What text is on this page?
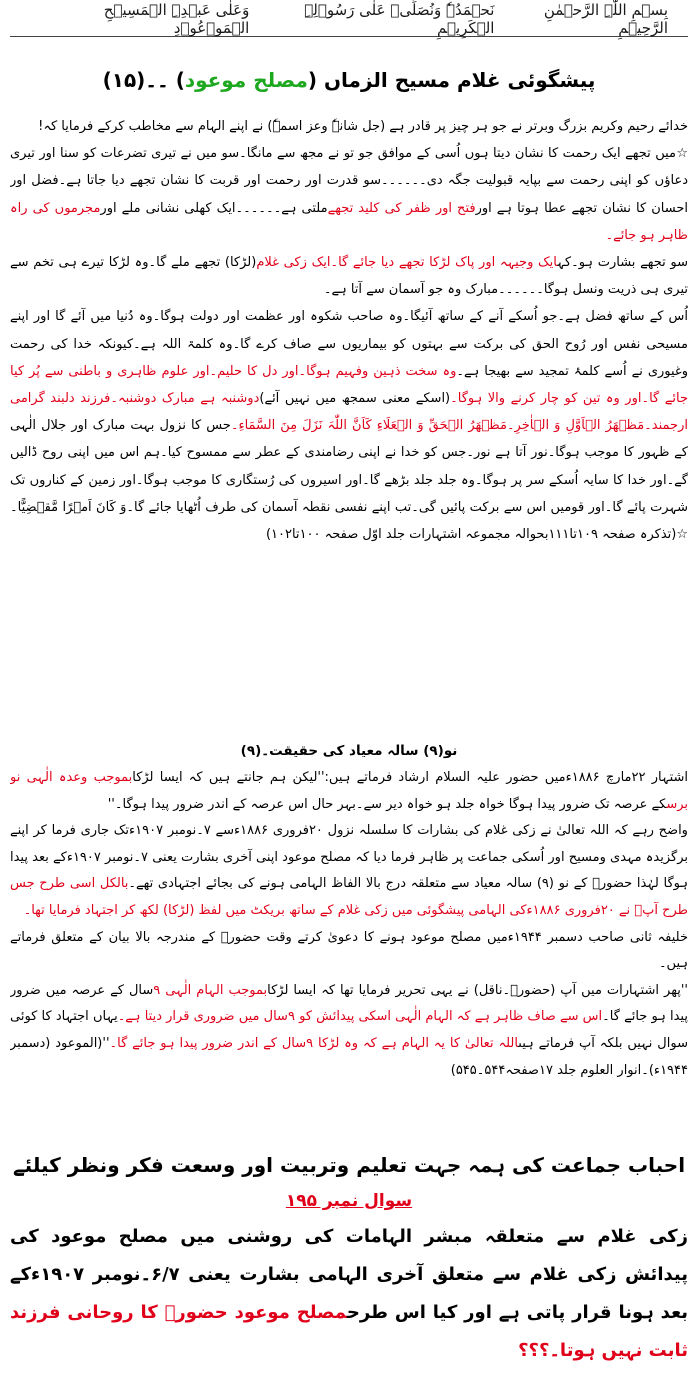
بِسۡمِ اللّٰہِ الرَّحۡمٰنِ الرَّحِیۡمِ
نَحۡمَدُہٗ وَنُصَلِّیۡ عَلٰی رَسُوۡلِہِ الۡکَرِیۡمِ
وَعَلٰی عَبۡدِہِ الۡمَسِیۡحِ الۡمَوۡعُوۡدِ
پیشگوئی غلام مسیح الزماں (مصلح موعود) ۔۔(۱۵)

خدائے رحیم وکریم بزرگ وبرتر نے جو ہر چیز پر قادر ہے (جل شانہٗ وعز اسمہٗ) نے اپنے الہام سے مخاطب کرکے فرمایا کہ!

☆میں تجھے ایک رحمت کا نشان دیتا ہوں اُسی کے موافق جو تو نے مجھ سے مانگا۔سو میں نے تیری تضرعات کو سنا اور تیری دعاؤں کو اپنی رحمت سے بپایہ قبولیت جگہ دی۔۔۔۔۔۔سو قدرت اور رحمت اور قربت کا نشان تجھے دیا جاتا ہے۔فضل اور احسان کا نشان تجھے عطا ہوتا ہے اورفتح اور ظفر کی کلید تجھےملتی ہے۔۔۔۔۔۔ایک کھلی نشانی ملے اورمجرموں کی راہ ظاہر ہو جائے۔

سو تجھے بشارت ہو۔کہایک وجیہہ اور پاک لڑکا تجھے دیا جائے گا۔ایک زکی غلام(لڑکا) تجھے ملے گا۔وہ لڑکا تیرے ہی تخم سے تیری ہی ذریت ونسل ہوگا۔۔۔۔۔۔مبارک وہ جو آسمان سے آتا ہے۔

اُس کے ساتھ فضل ہے۔جو اُسکے آنے کے ساتھ آئیگا۔وہ صاحب شکوہ اور عظمت اور دولت ہوگا۔وہ دُنیا میں آئے گا اور اپنے مسیحی نفس اور رُوح الحق کی برکت سے بہتوں کو بیماریوں سے صاف کرے گا۔وہ کلمۃ اللہ ہے۔کیونکہ خدا کی رحمت وغیوری نے اُسے کلمۂ تمجید سے بھیجا ہے۔وہ سخت ذہین وفہیم ہوگا۔اور دل کا حلیم۔اور علوم ظاہری و باطنی سے پُر کیا جائے گا۔اور وہ تین کو چار کرنے والا ہوگا۔(اسکے معنی سمجھ میں نہیں آئے)دوشنبہ ہے مبارک دوشنبہ۔فرزند دلبند گرامی ارجمند۔مَظۡھَرُ الۡاَوَّلِ وَ الۡاٰخِرِ۔مَظۡھَرُ الۡحَقِّ وَ الۡعَلَاءِ کَاَنَّ اللّٰہَ نَزَلَ مِنَ السَّمَاءِ۔جس کا نزول بہت مبارک اور جلال الٰہی کے ظہور کا موجب ہوگا۔نور آتا ہے نور۔جس کو خدا نے اپنی رضامندی کے عطر سے ممسوح کیا۔ہم اس میں اپنی روح ڈالیں گے۔اور خدا کا سایہ اُسکے سر پر ہوگا۔وہ جلد جلد بڑھے گا۔اور اسیروں کی رُستگاری کا موجب ہوگا۔اور زمین کے کناروں تک شہرت پائے گا۔اور قومیں اس سے برکت پائیں گی۔تب اپنے نفسی نقطہ آسمان کی طرف اُٹھایا جائے گا۔وَ کَانَ اَمۡرًا مَّقۡضِیًّا۔☆(تذکرہ صفحہ ۱۰۹تا۱۱۱بحوالہ مجموعہ اشتہارات جلد اوّل صفحہ ۱۰۰تا۱۰۲)

نو(۹) سالہ معیاد کی حقیقت۔(۹)

اشتہار ۲۲مارچ ۱۸۸۶ءمیں حضور علیہ السلام ارشاد فرماتے ہیں:''لیکن ہم جانتے ہیں کہ ایسا لڑکابموجب وعدہ الٰہی نو برسکے عرصہ تک ضرور پیدا ہوگا خواہ جلد ہو خواہ دیر سے۔بہر حال اس عرصہ کے اندر ضرور پیدا ہوگا۔''

واضح رہے کہ اللہ تعالیٰ نے زکی غلام کی بشارات کا سلسلہ نزول ۲۰فروری ۱۸۸۶ءسے ۷۔نومبر ۱۹۰۷ءتک جاری فرما کر اپنے برگزیدہ مہدی ومسیح اور اُسکی جماعت پر ظاہر فرما دیا کہ مصلح موعود اپنی آخری بشارت یعنی ۷۔نومبر ۱۹۰۷ءکے بعد پیدا ہوگا لہٰذا حضورؑ کے نو (۹) سالہ معیاد سے متعلقہ درج بالا الفاظ الہامی ہونے کی بجائے اجتہادی تھے۔بالکل اسی طرح جس طرح آپؑ نے ۲۰فروری ۱۸۸۶ءکی الہامی پیشگوئی میں زکی غلام کے ساتھ بریکٹ میں لفظ (لڑکا) لکھ کر اجتہاد فرمایا تھا۔

خلیفہ ثانی صاحب دسمبر ۱۹۴۴ءمیں مصلح موعود ہونے کا دعویٰ کرتے وقت حضورؑ کے مندرجہ بالا بیان کے متعلق فرماتے ہیں۔

''پھر اشتہارات میں آپ (حضورؑ۔ناقل) نے یہی تحریر فرمایا تھا کہ ایسا لڑکابموجب الہام الٰہی ۹سال کے عرصہ میں ضرور پیدا ہو جائے گا۔اس سے صاف ظاہر ہے کہ الہام الٰہی اسکی پیدائش کو ۹سال میں ضروری قرار دیتا ہے۔یہاں اجتہاد کا کوئی سوال نہیں بلکہ آپ فرماتے ہیںاللہ تعالیٰ کا یہ الہام ہے کہ وہ لڑکا ۹سال کے اندر ضرور پیدا ہو جائے گا۔''(الموعود (دسمبر ۱۹۴۴ء)۔انوار العلوم جلد ۱۷صفحہ۵۴۴۔۵۴۵)

احباب جماعت کی ہمہ جہت تعلیم وتربیت اور وسعت فکر ونظر کیلئے
سوال نمبر ۱۹۵

زکی غلام سے متعلقہ مبشر الہامات کی روشنی میں مصلح موعود کی پیدائش زکی غلام سے متعلق آخری الہامی بشارت یعنی ۶/۷۔نومبر ۱۹۰۷ءکے بعد ہونا قرار پاتی ہے اور کیا اس طرحمصلح موعود حضورؑ کا روحانی فرزند ثابت نہیں ہوتا۔؟؟؟
